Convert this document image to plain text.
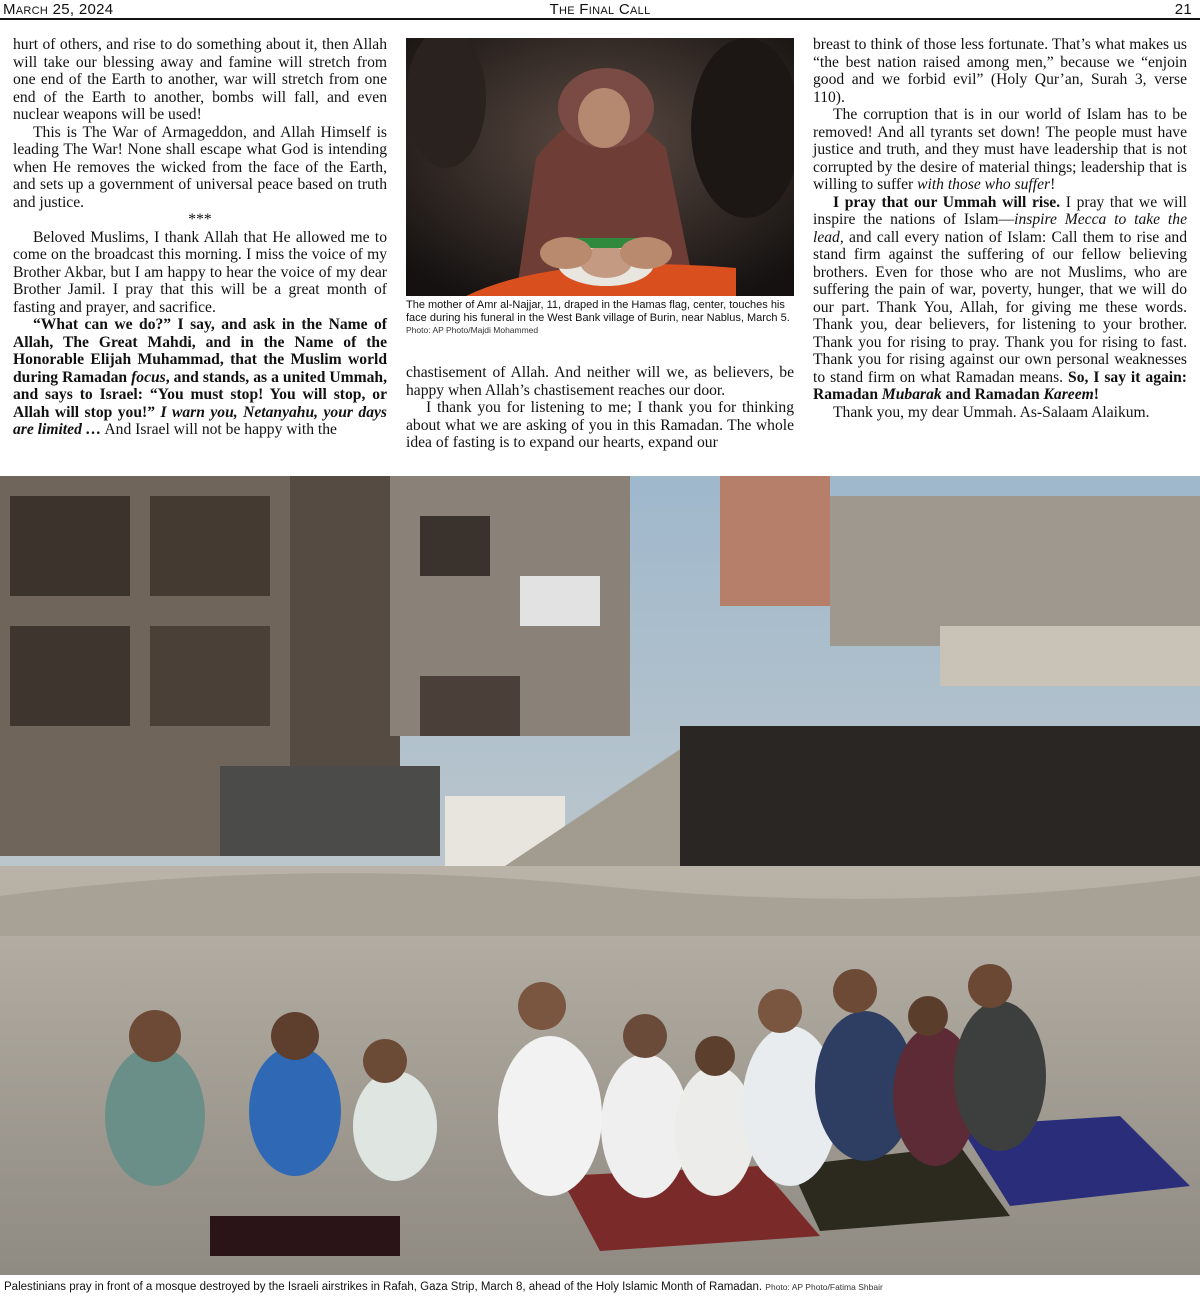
March 25, 2024	The Final Call	21

hurt of others, and rise to do something about it, then Allah will take our blessing away and famine will stretch from one end of the Earth to another, war will stretch from one end of the Earth to another, bombs will fall, and even nuclear weapons will be used!

This is The War of Armageddon, and Allah Himself is leading The War! None shall escape what God is intending when He removes the wicked from the face of the Earth, and sets up a government of universal peace based on truth and justice.

***

Beloved Muslims, I thank Allah that He allowed me to come on the broadcast this morning. I miss the voice of my Brother Akbar, but I am happy to hear the voice of my dear Brother Jamil. I pray that this will be a great month of fasting and prayer, and sacrifice.

“What can we do?” I say, and ask in the Name of Allah, The Great Mahdi, and in the Name of the Honorable Elijah Muhammad, that the Muslim world during Ramadan focus, and stands, as a united Ummah, and says to Israel: “You must stop! You will stop, or Allah will stop you!” I warn you, Netanyahu, your days are limited … And Israel will not be happy with the

The mother of Amr al-Najjar, 11, draped in the Hamas flag, center, touches his face during his funeral in the West Bank village of Burin, near Nablus, March 5.
Photo: AP Photo/Majdi Mohammed

chastisement of Allah. And neither will we, as believers, be happy when Allah’s chastisement reaches our door.

I thank you for listening to me; I thank you for thinking about what we are asking of you in this Ramadan. The whole idea of fasting is to expand our hearts, expand our

breast to think of those less fortunate. That’s what makes us “the best nation raised among men,” because we “enjoin good and we forbid evil” (Holy Qur’an, Surah 3, verse 110).

The corruption that is in our world of Islam has to be removed! And all tyrants set down! The people must have justice and truth, and they must have leadership that is not corrupted by the desire of material things; leadership that is willing to suffer with those who suffer!

I pray that our Ummah will rise. I pray that we will inspire the nations of Islam—inspire Mecca to take the lead, and call every nation of Islam: Call them to rise and stand firm against the suffering of our fellow believing brothers. Even for those who are not Muslims, who are suffering the pain of war, poverty, hunger, that we will do our part. Thank You, Allah, for giving me these words. Thank you, dear believers, for listening to your brother. Thank you for rising to pray. Thank you for rising to fast. Thank you for rising against our own personal weaknesses to stand firm on what Ramadan means. So, I say it again: Ramadan Mubarak and Ramadan Kareem!

Thank you, my dear Ummah. As-Salaam Alaikum.

Palestinians pray in front of a mosque destroyed by the Israeli airstrikes in Rafah, Gaza Strip, March 8, ahead of the Holy Islamic Month of Ramadan. Photo: AP Photo/Fatima Shbair
